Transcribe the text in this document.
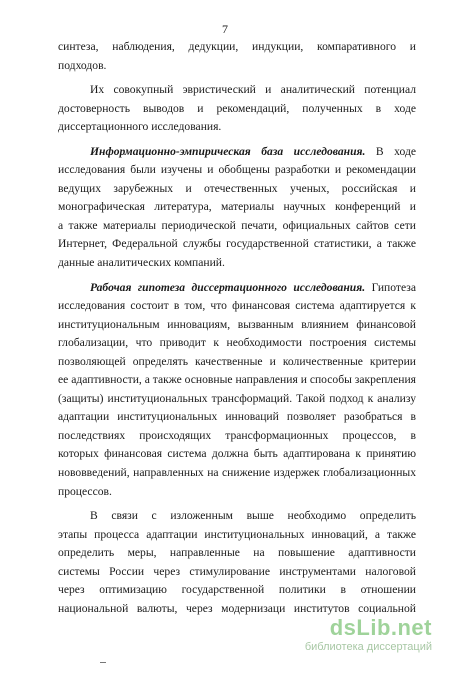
7
синтеза, наблюдения, дедукции, индукции, компаративного и
подходов.
Их совокупный эвристический и аналитический потенциал
достоверность выводов и рекомендаций, полученных в ходе
диссертационного исследования.
Информационно-эмпирическая база исследования. В ходе
исследования были изучены и обобщены разработки и рекомендации
ведущих зарубежных и отечественных ученых, российская и
монографическая литература, материалы научных конференций и
а также материалы периодической печати, официальных сайтов сети
Интернет, Федеральной службы государственной статистики, а также
данные аналитических компаний.
Рабочая гипотеза диссертационного исследования. Гипотеза
исследования состоит в том, что финансовая система адаптируется к
институциональным инновациям, вызванным влиянием финансовой
глобализации, что приводит к необходимости построения системы
позволяющей определять качественные и количественные критерии
ее адаптивности, а также основные направления и способы закрепления
(защиты) институциональных трансформаций. Такой подход к анализу
адаптации институциональных инноваций позволяет разобраться в
последствиях происходящих трансформационных процессов, в
которых финансовая система должна быть адаптирована к принятию
нововведений, направленных на снижение издержек глобализационных
процессов.
В связи с изложенным выше необходимо определить
этапы процесса адаптации институциональных инноваций, а также
определить меры, направленные на повышение адаптивности
системы России через стимулирование инструментами налоговой
через оптимизацию государственной политики в отношении
национальной валюты, через модернизаци институтов социальной
dsLib.net
библиотека диссертаций
